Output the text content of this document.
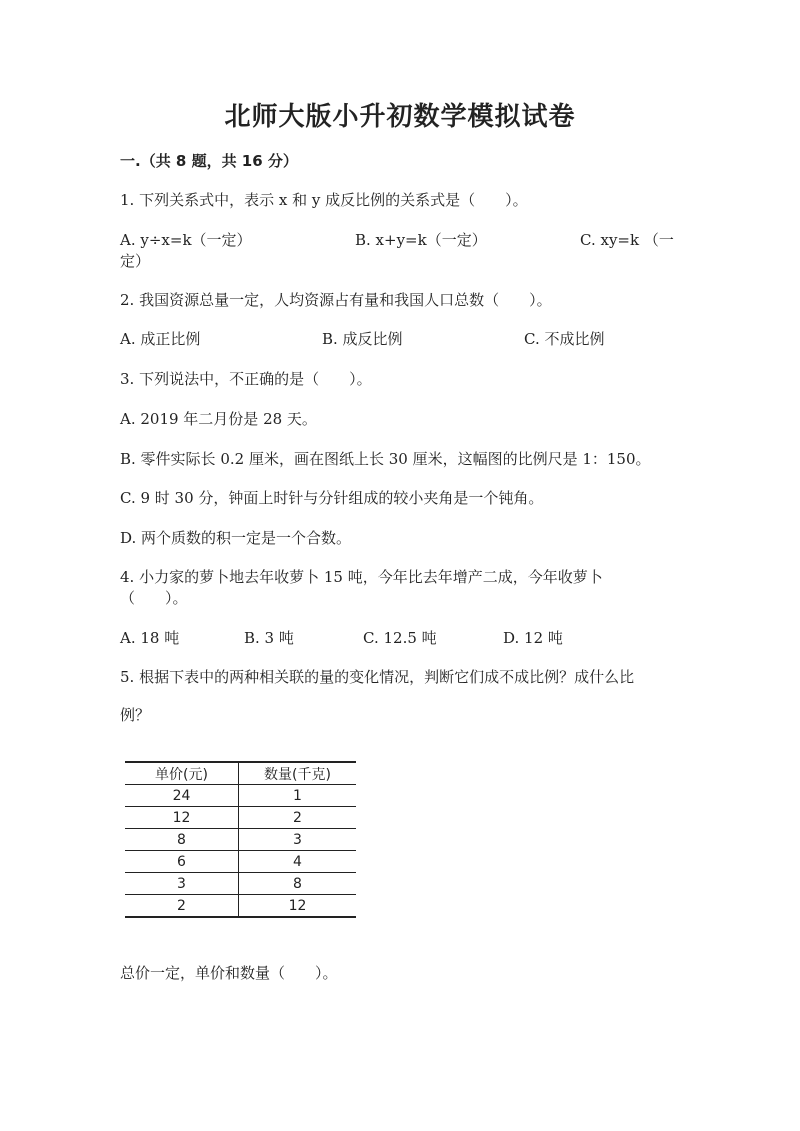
北师大版小升初数学模拟试卷
一.（共 8 题，共 16 分）
1. 下列关系式中，表示 x 和 y 成反比例的关系式是（　　）。
A. y÷x=k（一定）	B. x+y=k（一定）	C. xy=k （一
定）
2. 我国资源总量一定，人均资源占有量和我国人口总数（　　）。
A. 成正比例	B. 成反比例	C. 不成比例
3. 下列说法中，不正确的是（　　）。
A. 2019 年二月份是 28 天。
B. 零件实际长 0.2 厘米，画在图纸上长 30 厘米，这幅图的比例尺是 1：150。
C. 9 时 30 分，钟面上时针与分针组成的较小夹角是一个钝角。
D. 两个质数的积一定是一个合数。
4. 小力家的萝卜地去年收萝卜 15 吨，今年比去年增产二成，今年收萝卜
（　　）。
A. 18 吨	B. 3 吨	C. 12.5 吨	D. 12 吨
5. 根据下表中的两种相关联的量的变化情况，判断它们成不成比例？成什么比
例？
单价(元)	数量(千克)
24	1
12	2
8	3
6	4
3	8
2	12
总价一定，单价和数量（　　）。
